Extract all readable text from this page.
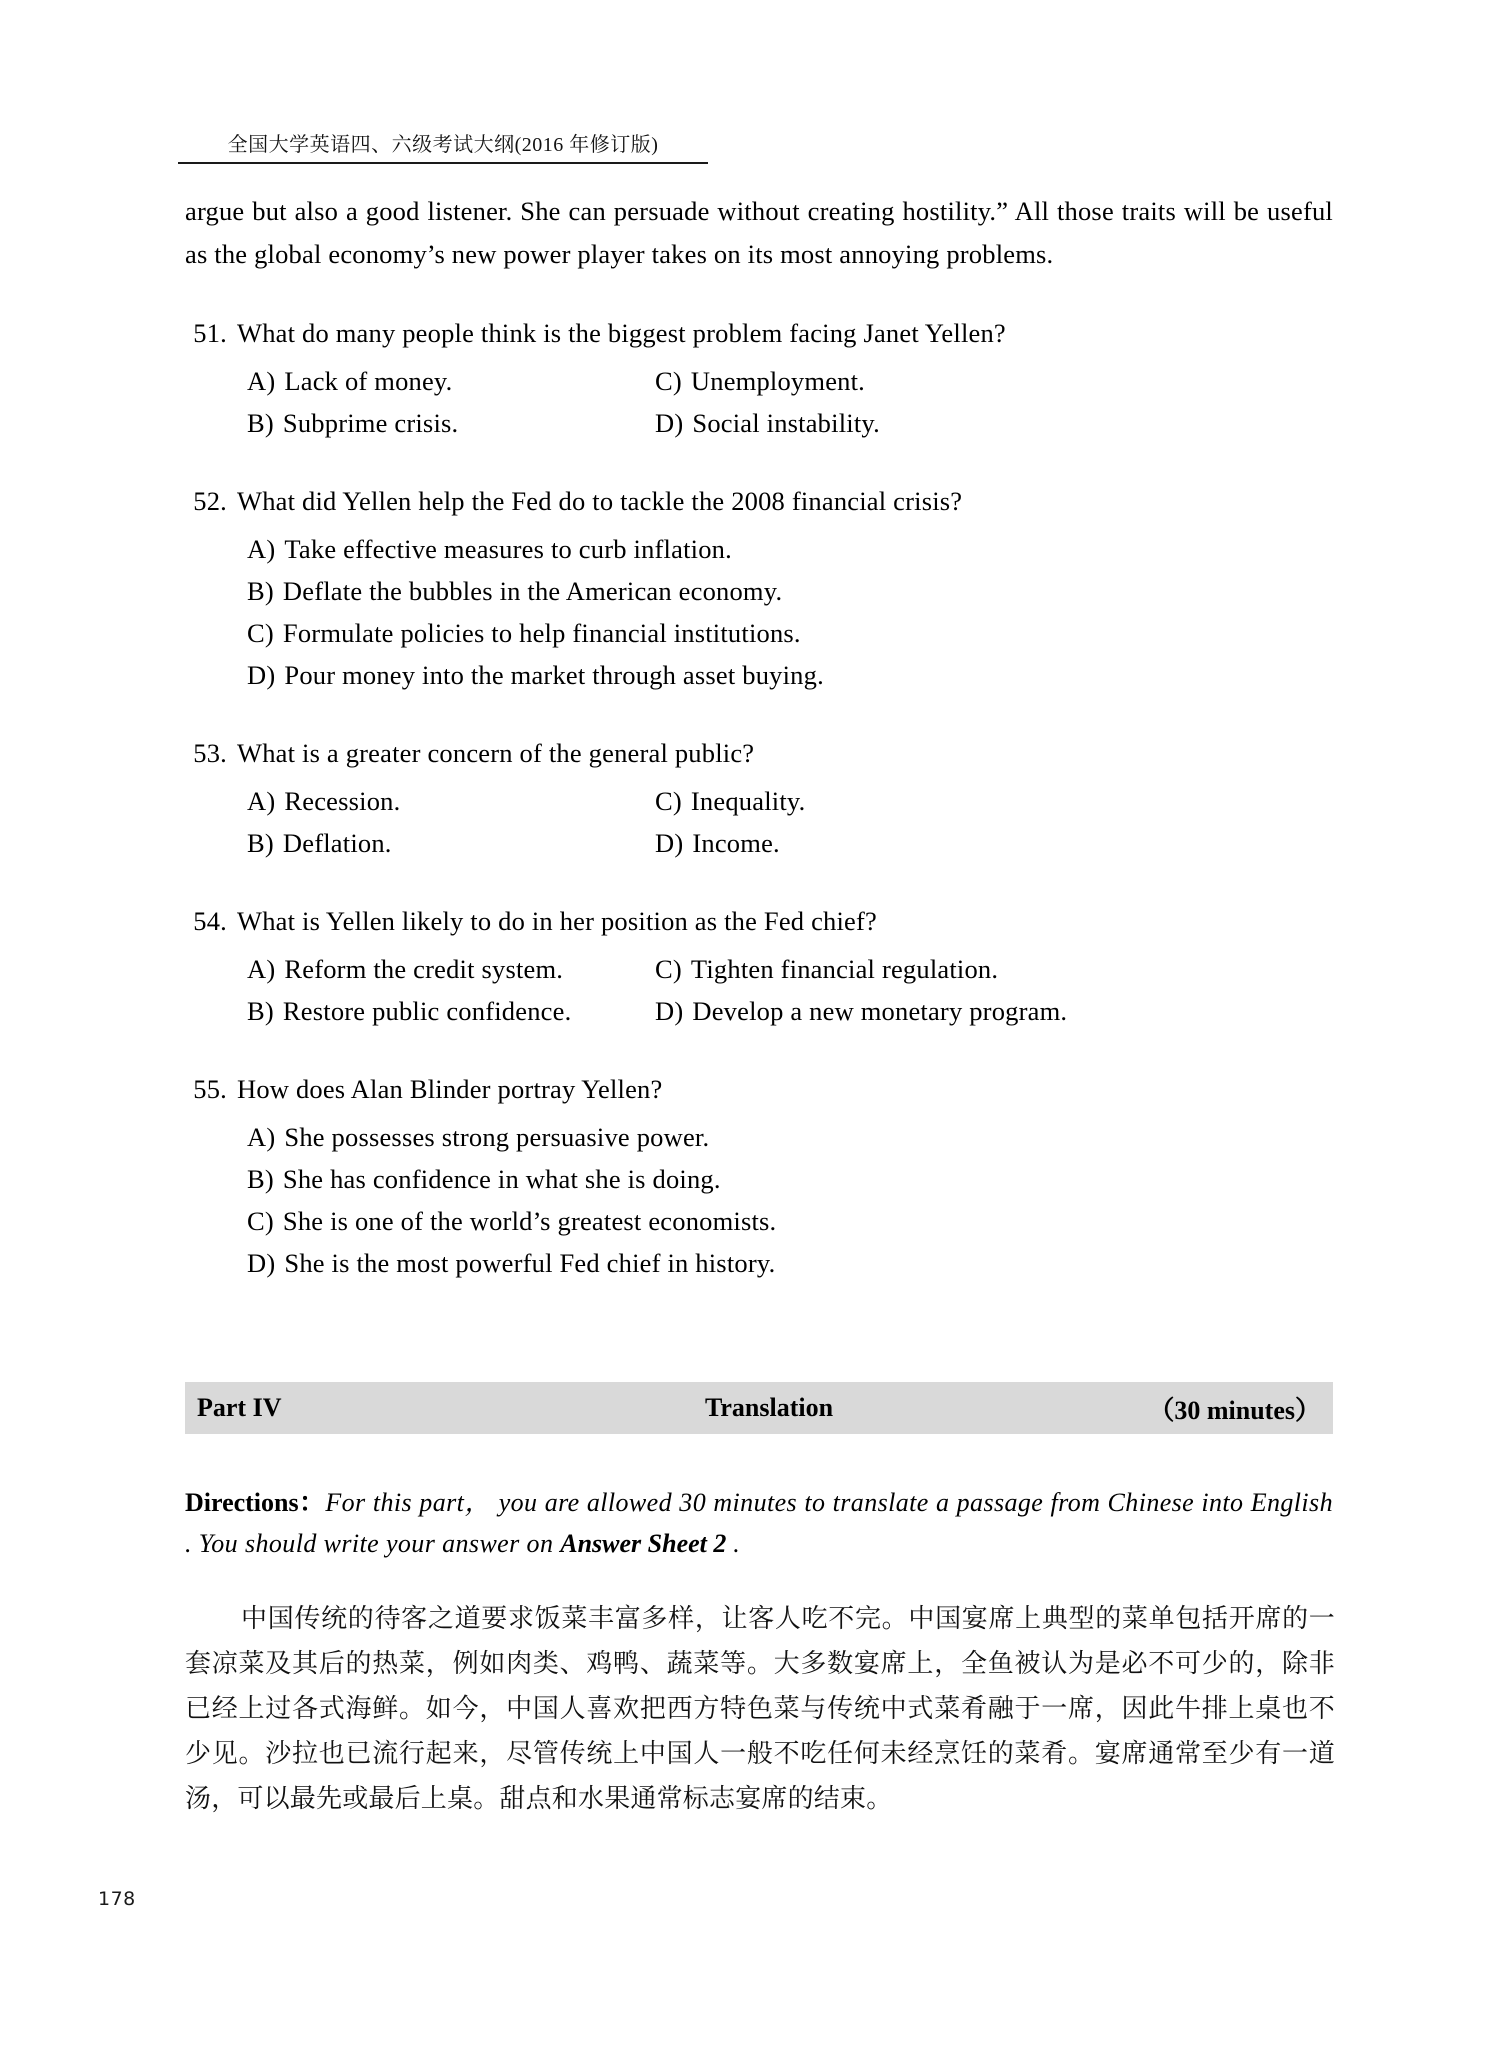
全国大学英语四、六级考试大纲(2016 年修订版)

argue but also a good listener. She can persuade without creating hostility.” All those traits will be useful as the global economy’s new power player takes on its most annoying problems.

51. What do many people think is the biggest problem facing Janet Yellen?
A) Lack of money.	C) Unemployment.
B) Subprime crisis.	D) Social instability.
52. What did Yellen help the Fed do to tackle the 2008 financial crisis?
A) Take effective measures to curb inflation.
B) Deflate the bubbles in the American economy.
C) Formulate policies to help financial institutions.
D) Pour money into the market through asset buying.
53. What is a greater concern of the general public?
A) Recession.	C) Inequality.
B) Deflation.	D) Income.
54. What is Yellen likely to do in her position as the Fed chief?
A) Reform the credit system.	C) Tighten financial regulation.
B) Restore public confidence.	D) Develop a new monetary program.
55. How does Alan Blinder portray Yellen?
A) She possesses strong persuasive power.
B) She has confidence in what she is doing.
C) She is one of the world’s greatest economists.
D) She is the most powerful Fed chief in history.
Part IV	Translation	（30 minutes）
Directions：For this part， you are allowed 30 minutes to translate a passage from Chinese into English . You should write your answer on Answer Sheet 2 .
中国传统的待客之道要求饭菜丰富多样，让客人吃不完。中国宴席上典型的菜单包括开席的一套凉菜及其后的热菜，例如肉类、鸡鸭、蔬菜等。大多数宴席上，全鱼被认为是必不可少的，除非已经上过各式海鲜。如今，中国人喜欢把西方特色菜与传统中式菜肴融于一席，因此牛排上桌也不少见。沙拉也已流行起来，尽管传统上中国人一般不吃任何未经烹饪的菜肴。宴席通常至少有一道汤，可以最先或最后上桌。甜点和水果通常标志宴席的结束。
178
